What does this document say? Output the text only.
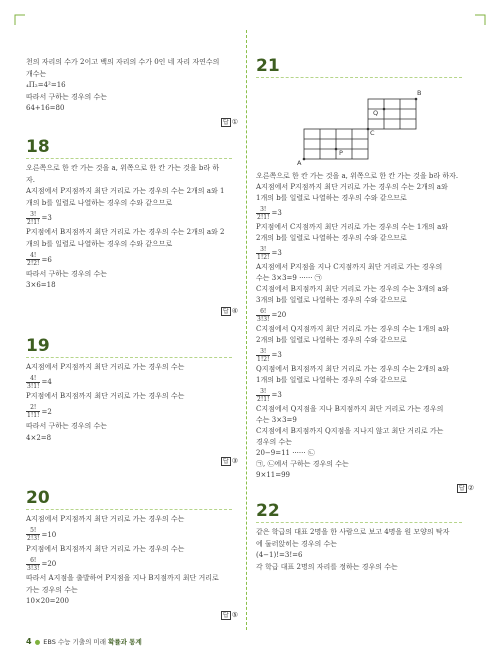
천의 자리의 수가 2이고 백의 자리의 수가 0인 네 자리 자연수의
개수는
₄Π₂=4²=16
따라서 구하는 경우의 수는
64+16=80
답 ①
18
오른쪽으로 한 칸 가는 것을 a, 위쪽으로 한 칸 가는 것을 b라 하
자.
A지점에서 P지점까지 최단 거리로 가는 경우의 수는 2개의 a와 1
개의 b를 일렬로 나열하는 경우의 수와 같으므로
$\frac{3!}{2!1!} =3$
P지점에서 B지점까지 최단 거리로 가는 경우의 수는 2개의 a와 2
개의 b를 일렬로 나열하는 경우의 수와 같으므로
$\frac{4!}{2!2!} =6$
따라서 구하는 경우의 수는
3×6=18
답 ④
19
A지점에서 P지점까지 최단 거리로 가는 경우의 수는
$\frac{4!}{3!1!} =4$
P지점에서 B지점까지 최단 거리로 가는 경우의 수는
$\frac{2!}{1!1!} =2$
따라서 구하는 경우의 수는
4×2=8
답 ③
20
A지점에서 P지점까지 최단 거리로 가는 경우의 수는
$\frac{5!}{2!3!} =10$
P지점에서 B지점까지 최단 거리로 가는 경우의 수는
$\frac{6!}{3!3!} =20$
따라서 A지점을 출발하여 P지점을 지나 B지점까지 최단 거리로
가는 경우의 수는
10×20=200
답 ⑤
21
A
P
C
Q
B
오른쪽으로 한 칸 가는 것을 a, 위쪽으로 한 칸 가는 것을 b라 하자.
A지점에서 P지점까지 최단 거리로 가는 경우의 수는 2개의 a와
1개의 b를 일렬로 나열하는 경우의 수와 같으므로
$\frac{3!}{2!1!} =3$
P지점에서 C지점까지 최단 거리로 가는 경우의 수는 1개의 a와
2개의 b를 일렬로 나열하는 경우의 수와 같으므로
$\frac{3!}{1!2!} =3$
A지점에서 P지점을 지나 C지점까지 최단 거리로 가는 경우의
수는 3×3=9 ······ ㉠
C지점에서 B지점까지 최단 거리로 가는 경우의 수는 3개의 a와
3개의 b를 일렬로 나열하는 경우의 수와 같으므로
$\frac{6!}{3!3!} =20$
C지점에서 Q지점까지 최단 거리로 가는 경우의 수는 1개의 a와
2개의 b를 일렬로 나열하는 경우의 수와 같으므로
$\frac{3!}{1!2!} =3$
Q지점에서 B지점까지 최단 거리로 가는 경우의 수는 2개의 a와
1개의 b를 일렬로 나열하는 경우의 수와 같으므로
$\frac{3!}{2!1!} =3$
C지점에서 Q지점을 지나 B지점까지 최단 거리로 가는 경우의
수는 3×3=9
C지점에서 B지점까지 Q지점을 지나지 않고 최단 거리로 가는
경우의 수는
20−9=11 ······ ㉡
㉠, ㉡에서 구하는 경우의 수는
9×11=99
답 ②
22
같은 학급의 대표 2명을 한 사람으로 보고 4명을 원 모양의 탁자
에 둘러앉히는 경우의 수는
(4−1)!=3!=6
각 학급 대표 2명의 자리를 정하는 경우의 수는
4 ● EBS 수능 기출의 미래 확률과 통계
